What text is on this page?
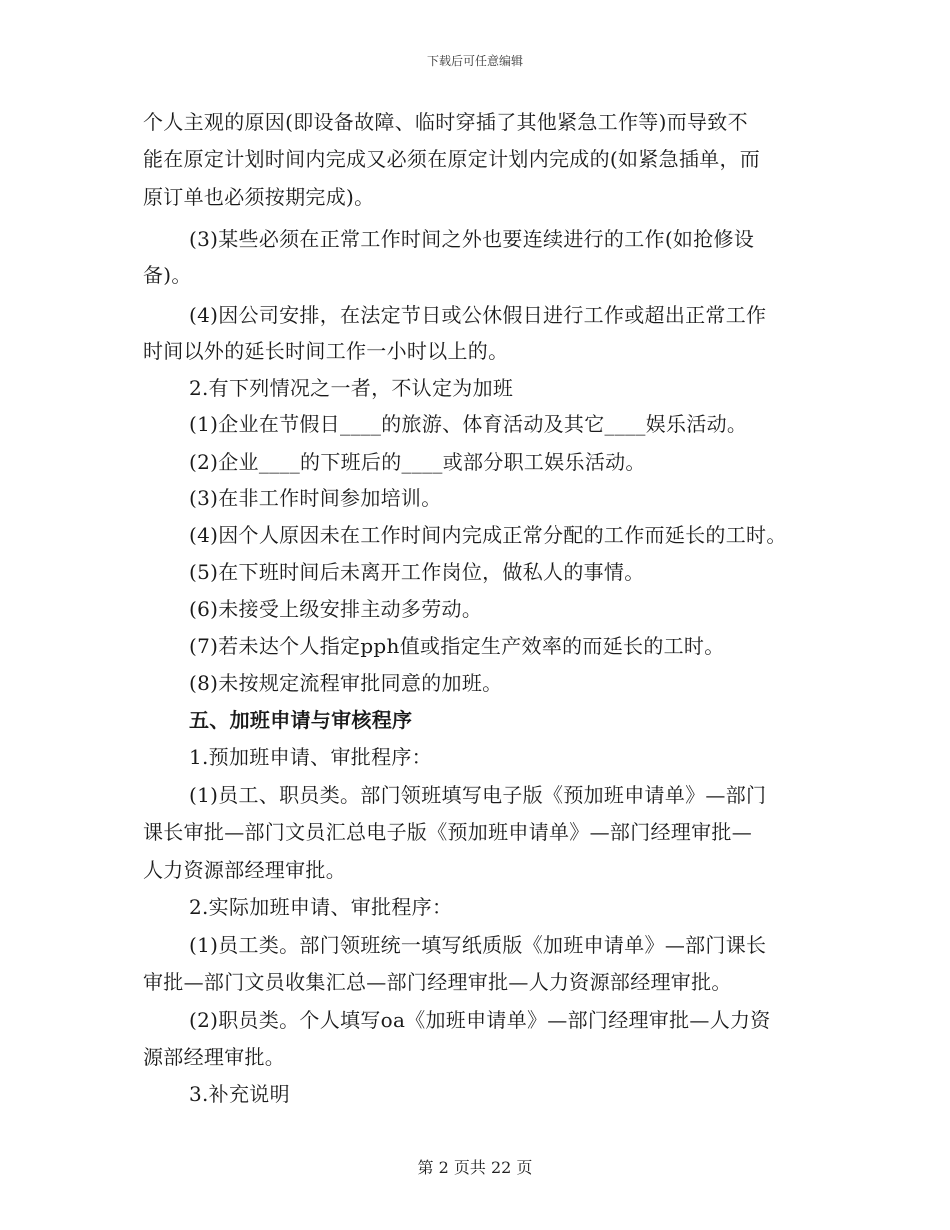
下载后可任意编辑
个人主观的原因(即设备故障、临时穿插了其他紧急工作等)而导致不
能在原定计划时间内完成又必须在原定计划内完成的(如紧急插单，而
原订单也必须按期完成)。
(3)某些必须在正常工作时间之外也要连续进行的工作(如抢修设
备)。
(4)因公司安排，在法定节日或公休假日进行工作或超出正常工作
时间以外的延长时间工作一小时以上的。
2.有下列情况之一者，不认定为加班
(1)企业在节假日____的旅游、体育活动及其它____娱乐活动。
(2)企业____的下班后的____或部分职工娱乐活动。
(3)在非工作时间参加培训。
(4)因个人原因未在工作时间内完成正常分配的工作而延长的工时。
(5)在下班时间后未离开工作岗位，做私人的事情。
(6)未接受上级安排主动多劳动。
(7)若未达个人指定pph值或指定生产效率的而延长的工时。
(8)未按规定流程审批同意的加班。
五、加班申请与审核程序
1.预加班申请、审批程序：
(1)员工、职员类。部门领班填写电子版《预加班申请单》—部门
课长审批—部门文员汇总电子版《预加班申请单》—部门经理审批—
人力资源部经理审批。
2.实际加班申请、审批程序：
(1)员工类。部门领班统一填写纸质版《加班申请单》—部门课长
审批—部门文员收集汇总—部门经理审批—人力资源部经理审批。
(2)职员类。个人填写oa《加班申请单》—部门经理审批—人力资
源部经理审批。
3.补充说明
第 2 页共 22 页
